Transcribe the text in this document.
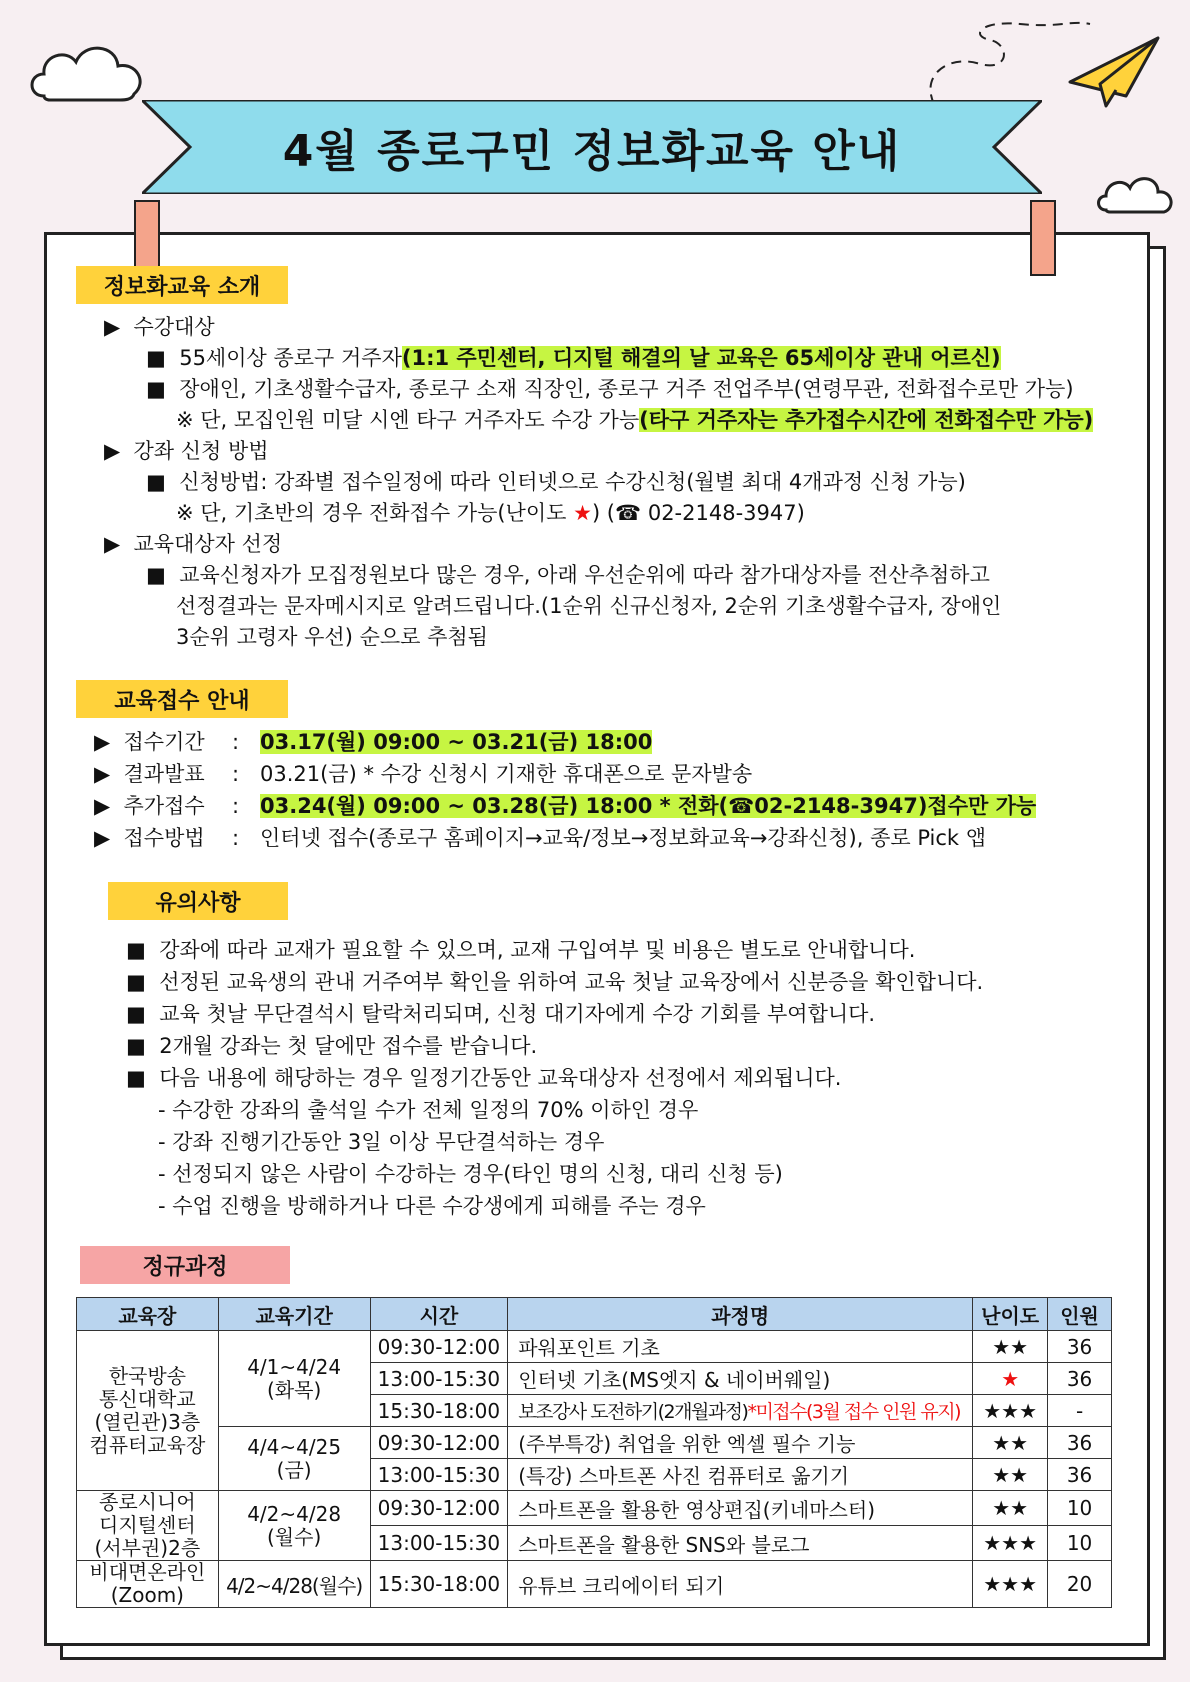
4월 종로구민 정보화교육 안내
정보화교육 소개
▶  수강대상
■  55세이상 종로구 거주자(1:1 주민센터, 디지털 해결의 날 교육은 65세이상 관내 어르신)
■  장애인, 기초생활수급자, 종로구 소재 직장인, 종로구 거주 전업주부(연령무관, 전화접수로만 가능)
※ 단, 모집인원 미달 시엔 타구 거주자도 수강 가능(타구 거주자는 추가접수시간에 전화접수만 가능)
▶  강좌 신청 방법
■  신청방법: 강좌별 접수일정에 따라 인터넷으로 수강신청(월별 최대 4개과정 신청 가능)
※ 단, 기초반의 경우 전화접수 가능(난이도 ★) (☎ 02-2148-3947)
▶  교육대상자 선정
■  교육신청자가 모집정원보다 많은 경우, 아래 우선순위에 따라 참가대상자를 전산추첨하고
선정결과는 문자메시지로 알려드립니다.(1순위 신규신청자, 2순위 기초생활수급자, 장애인
3순위 고령자 우선) 순으로 추첨됨
교육접수 안내
▶  접수기간 : 03.17(월) 09:00 ~ 03.21(금) 18:00
▶  결과발표 : 03.21(금) * 수강 신청시 기재한 휴대폰으로 문자발송
▶  추가접수 : 03.24(월) 09:00 ~ 03.28(금) 18:00 * 전화(☎02-2148-3947)접수만 가능
▶  접수방법 : 인터넷 접수(종로구 홈페이지→교육/정보→정보화교육→강좌신청), 종로 Pick 앱
유의사항
■  강좌에 따라 교재가 필요할 수 있으며, 교재 구입여부 및 비용은 별도로 안내합니다.
■  선정된 교육생의 관내 거주여부 확인을 위하여 교육 첫날 교육장에서 신분증을 확인합니다.
■  교육 첫날 무단결석시 탈락처리되며, 신청 대기자에게 수강 기회를 부여합니다.
■  2개월 강좌는 첫 달에만 접수를 받습니다.
■  다음 내용에 해당하는 경우 일정기간동안 교육대상자 선정에서 제외됩니다.
- 수강한 강좌의 출석일 수가 전체 일정의 70% 이하인 경우
- 강좌 진행기간동안 3일 이상 무단결석하는 경우
- 선정되지 않은 사람이 수강하는 경우(타인 명의 신청, 대리 신청 등)
- 수업 진행을 방해하거나 다른 수강생에게 피해를 주는 경우
정규과정
교육장	교육기간	시간	과정명	난이도	인원
한국방송
통신대학교
(열린관)3층
컴퓨터교육장	4/1~4/24
(화목)	09:30-12:00	파워포인트 기초	★★	36
		13:00-15:30	인터넷 기초(MS엣지 & 네이버웨일)	★	36
		15:30-18:00	보조강사 도전하기(2개월과정)*미접수(3월 접수 인원 유지)	★★★	-
	4/4~4/25
(금)	09:30-12:00	(주부특강) 취업을 위한 엑셀 필수 기능	★★	36
		13:00-15:30	(특강) 스마트폰 사진 컴퓨터로 옮기기	★★	36
종로시니어
디지털센터
(서부권)2층	4/2~4/28
(월수)	09:30-12:00	스마트폰을 활용한 영상편집(키네마스터)	★★	10
		13:00-15:30	스마트폰을 활용한 SNS와 블로그	★★★	10
비대면온라인
(Zoom)	4/2~4/28(월수)	15:30-18:00	유튜브 크리에이터 되기	★★★	20
